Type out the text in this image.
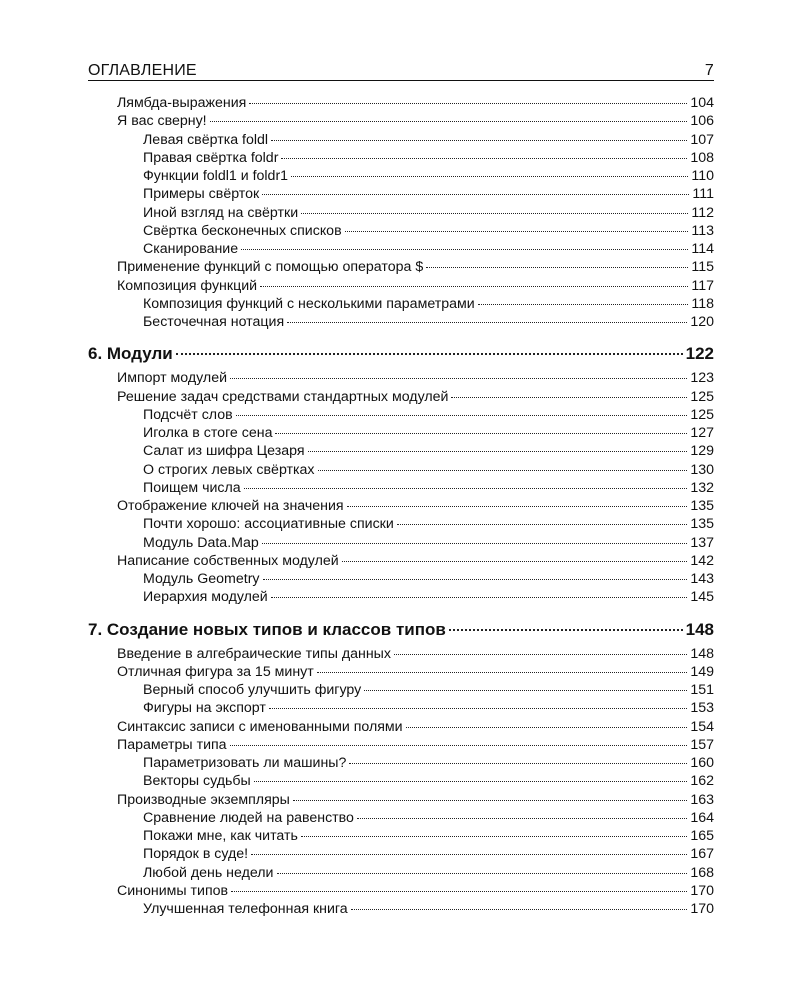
ОГЛАВЛЕНИЕ	7
Лямбда-выражения	104
Я вас сверну!	106
Левая свёртка foldl	107
Правая свёртка foldr	108
Функции foldl1 и foldr1	110
Примеры свёрток	111
Иной взгляд на свёртки	112
Свёртка бесконечных списков	113
Сканирование	114
Применение функций с помощью оператора $	115
Композиция функций	117
Композиция функций с несколькими параметрами	118
Бесточечная нотация	120
6. Модули	122
Импорт модулей	123
Решение задач средствами стандартных модулей	125
Подсчёт слов	125
Иголка в стоге сена	127
Салат из шифра Цезаря	129
О строгих левых свёртках	130
Поищем числа	132
Отображение ключей на значения	135
Почти хорошо: ассоциативные списки	135
Модуль Data.Map	137
Написание собственных модулей	142
Модуль Geometry	143
Иерархия модулей	145
7. Создание новых типов и классов типов	148
Введение в алгебраические типы данных	148
Отличная фигура за 15 минут	149
Верный способ улучшить фигуру	151
Фигуры на экспорт	153
Синтаксис записи с именованными полями	154
Параметры типа	157
Параметризовать ли машины?	160
Векторы судьбы	162
Производные экземпляры	163
Сравнение людей на равенство	164
Покажи мне, как читать	165
Порядок в суде!	167
Любой день недели	168
Синонимы типов	170
Улучшенная телефонная книга	170
